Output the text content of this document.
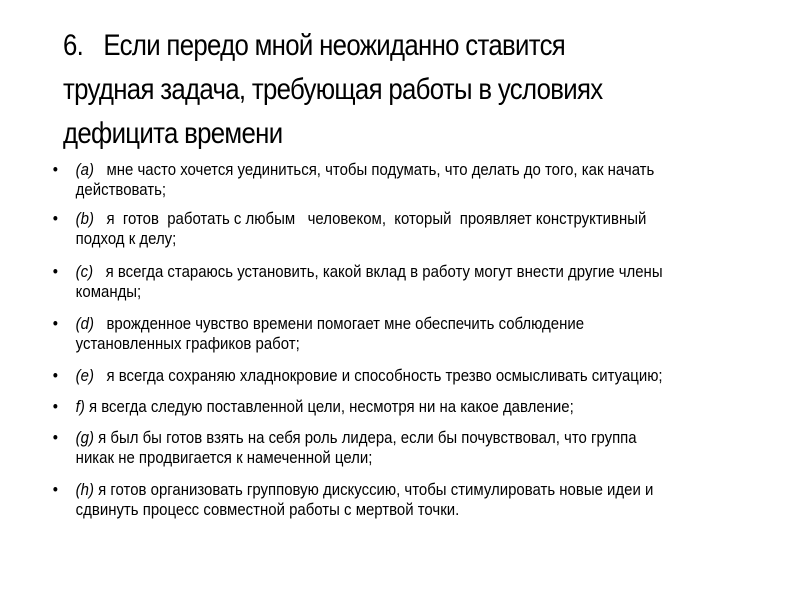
6. Если передо мной неожиданно ставится
трудная задача, требующая работы в условиях
дефицита времени
• (a) мне часто хочется уединиться, чтобы подумать, что делать до того, как начать
действовать;
• (b) я  готов  работать с любым   человеком,  который  проявляет конструктивный
подход к делу;
• (c) я всегда стараюсь установить, какой вклад в работу могут внести другие члены
команды;
• (d) врожденное чувство времени помогает мне обеспечить соблюдение
установленных графиков работ;
• (e) я всегда сохраняю хладнокровие и способность трезво осмысливать ситуацию;
• f) я всегда следую поставленной цели, несмотря ни на какое давление;
• (g) я был бы готов взять на себя роль лидера, если бы почувствовал, что группа
никак не продвигается к намеченной цели;
• (h) я готов организовать групповую дискуссию, чтобы стимулировать новые идеи и
сдвинуть процесс совместной работы с мертвой точки.
